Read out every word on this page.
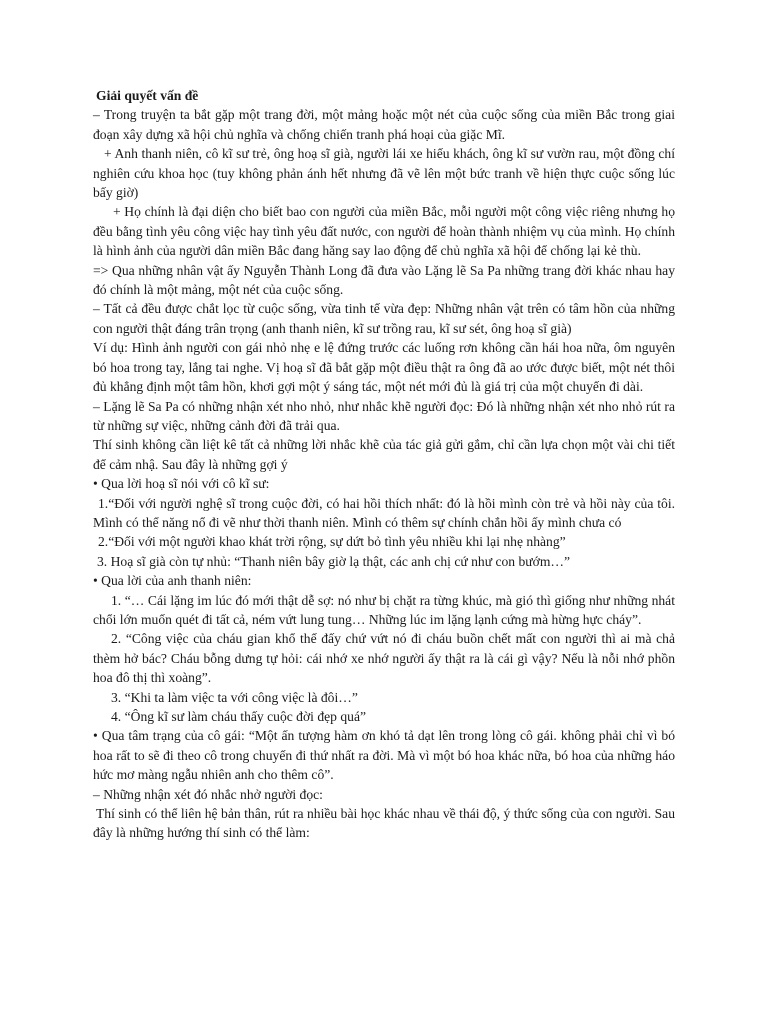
Giải quyết vấn đề

– Trong truyện ta bắt gặp một trang đời, một mảng hoặc một nét của cuộc sống của miền Bắc trong giai đoạn xây dựng xã hội chủ nghĩa và chống chiến tranh phá hoại của giặc Mĩ.

+ Anh thanh niên, cô kĩ sư trẻ, ông hoạ sĩ già, người lái xe hiếu khách, ông kĩ sư vườn rau, một đồng chí nghiên cứu khoa học (tuy không phản ánh hết nhưng đã vẽ lên một bức tranh về hiện thực cuộc sống lúc bấy giờ)

+ Họ chính là đại diện cho biết bao con người của miền Bắc, mỗi người một công việc riêng nhưng họ đều bằng tình yêu công việc hay tình yêu đất nước, con người để hoàn thành nhiệm vụ của mình. Họ chính là hình ảnh của người dân miền Bắc đang hăng say lao động để chủ nghĩa xã hội để chống lại kẻ thù.

=> Qua những nhân vật ấy Nguyễn Thành Long đã đưa vào Lặng lẽ Sa Pa những trang đời khác nhau hay đó chính là một mảng, một nét của cuộc sống.

– Tất cả đều được chắt lọc từ cuộc sống, vừa tinh tế vừa đẹp: Những nhân vật trên có tâm hồn của những con người thật đáng trân trọng (anh thanh niên, kĩ sư trồng rau, kĩ sư sét, ông hoạ sĩ già)

Ví dụ: Hình ảnh người con gái nhỏ nhẹ e lệ đứng trước các luống rơn không cần hái hoa nữa, ôm nguyên bó hoa trong tay, lắng tai nghe. Vị hoạ sĩ đã bắt gặp một điều thật ra ông đã ao ước được biết, một nét thôi đủ khẳng định một tâm hồn, khơi gợi một ý sáng tác, một nét mới đủ là giá trị của một chuyến đi dài.

– Lặng lẽ Sa Pa có những nhận xét nho nhỏ, như nhắc khẽ người đọc: Đó là những nhận xét nho nhỏ rút ra từ những sự việc, những cảnh đời đã trải qua.

Thí sinh không cần liệt kê tất cả những lời nhắc khẽ của tác giả gửi gắm, chỉ cần lựa chọn một vài chi tiết để cảm nhậ. Sau đây là những gợi ý

• Qua lời hoạ sĩ nói với cô kĩ sư:

1.“Đối với người nghệ sĩ trong cuộc đời, có hai hồi thích nhất: đó là hồi mình còn trẻ và hồi này của tôi. Mình có thể năng nổ đi vẽ như thời thanh niên. Mình có thêm sự chính chắn hồi ấy mình chưa có

2.“Đối với một người khao khát trời rộng, sự dứt bỏ tình yêu nhiều khi lại nhẹ nhàng”

3. Hoạ sĩ già còn tự nhủ: “Thanh niên bây giờ lạ thật, các anh chị cứ như con bướm…”

• Qua lời của anh thanh niên:

1. “… Cái lặng im lúc đó mới thật dễ sợ: nó như bị chặt ra từng khúc, mà gió thì giống như những nhát chổi lớn muốn quét đi tất cả, ném vứt lung tung… Những lúc im lặng lạnh cứng mà hừng hực cháy”.

2. “Công việc của cháu gian khổ thế đấy chứ vứt nó đi cháu buồn chết mất con người thì ai mà chả thèm hở bác? Cháu bỗng dưng tự hỏi: cái nhớ xe nhớ người ấy thật ra là cái gì vậy? Nếu là nỗi nhớ phồn hoa đô thị thì xoàng”.

3. “Khi ta làm việc ta với công việc là đôi…”

4. “Ông kĩ sư làm cháu thấy cuộc đời đẹp quá”

• Qua tâm trạng của cô gái: “Một ấn tượng hàm ơn khó tả dạt lên trong lòng cô gái. không phải chỉ vì bó hoa rất to sẽ đi theo cô trong chuyến đi thứ nhất ra đời. Mà vì một bó hoa khác nữa, bó hoa của những háo hức mơ màng ngẫu nhiên anh cho thêm cô”.

– Những nhận xét đó nhắc nhở người đọc:

Thí sinh có thể liên hệ bản thân, rút ra nhiều bài học khác nhau về thái độ, ý thức sống của con người. Sau đây là những hướng thí sinh có thể làm:
